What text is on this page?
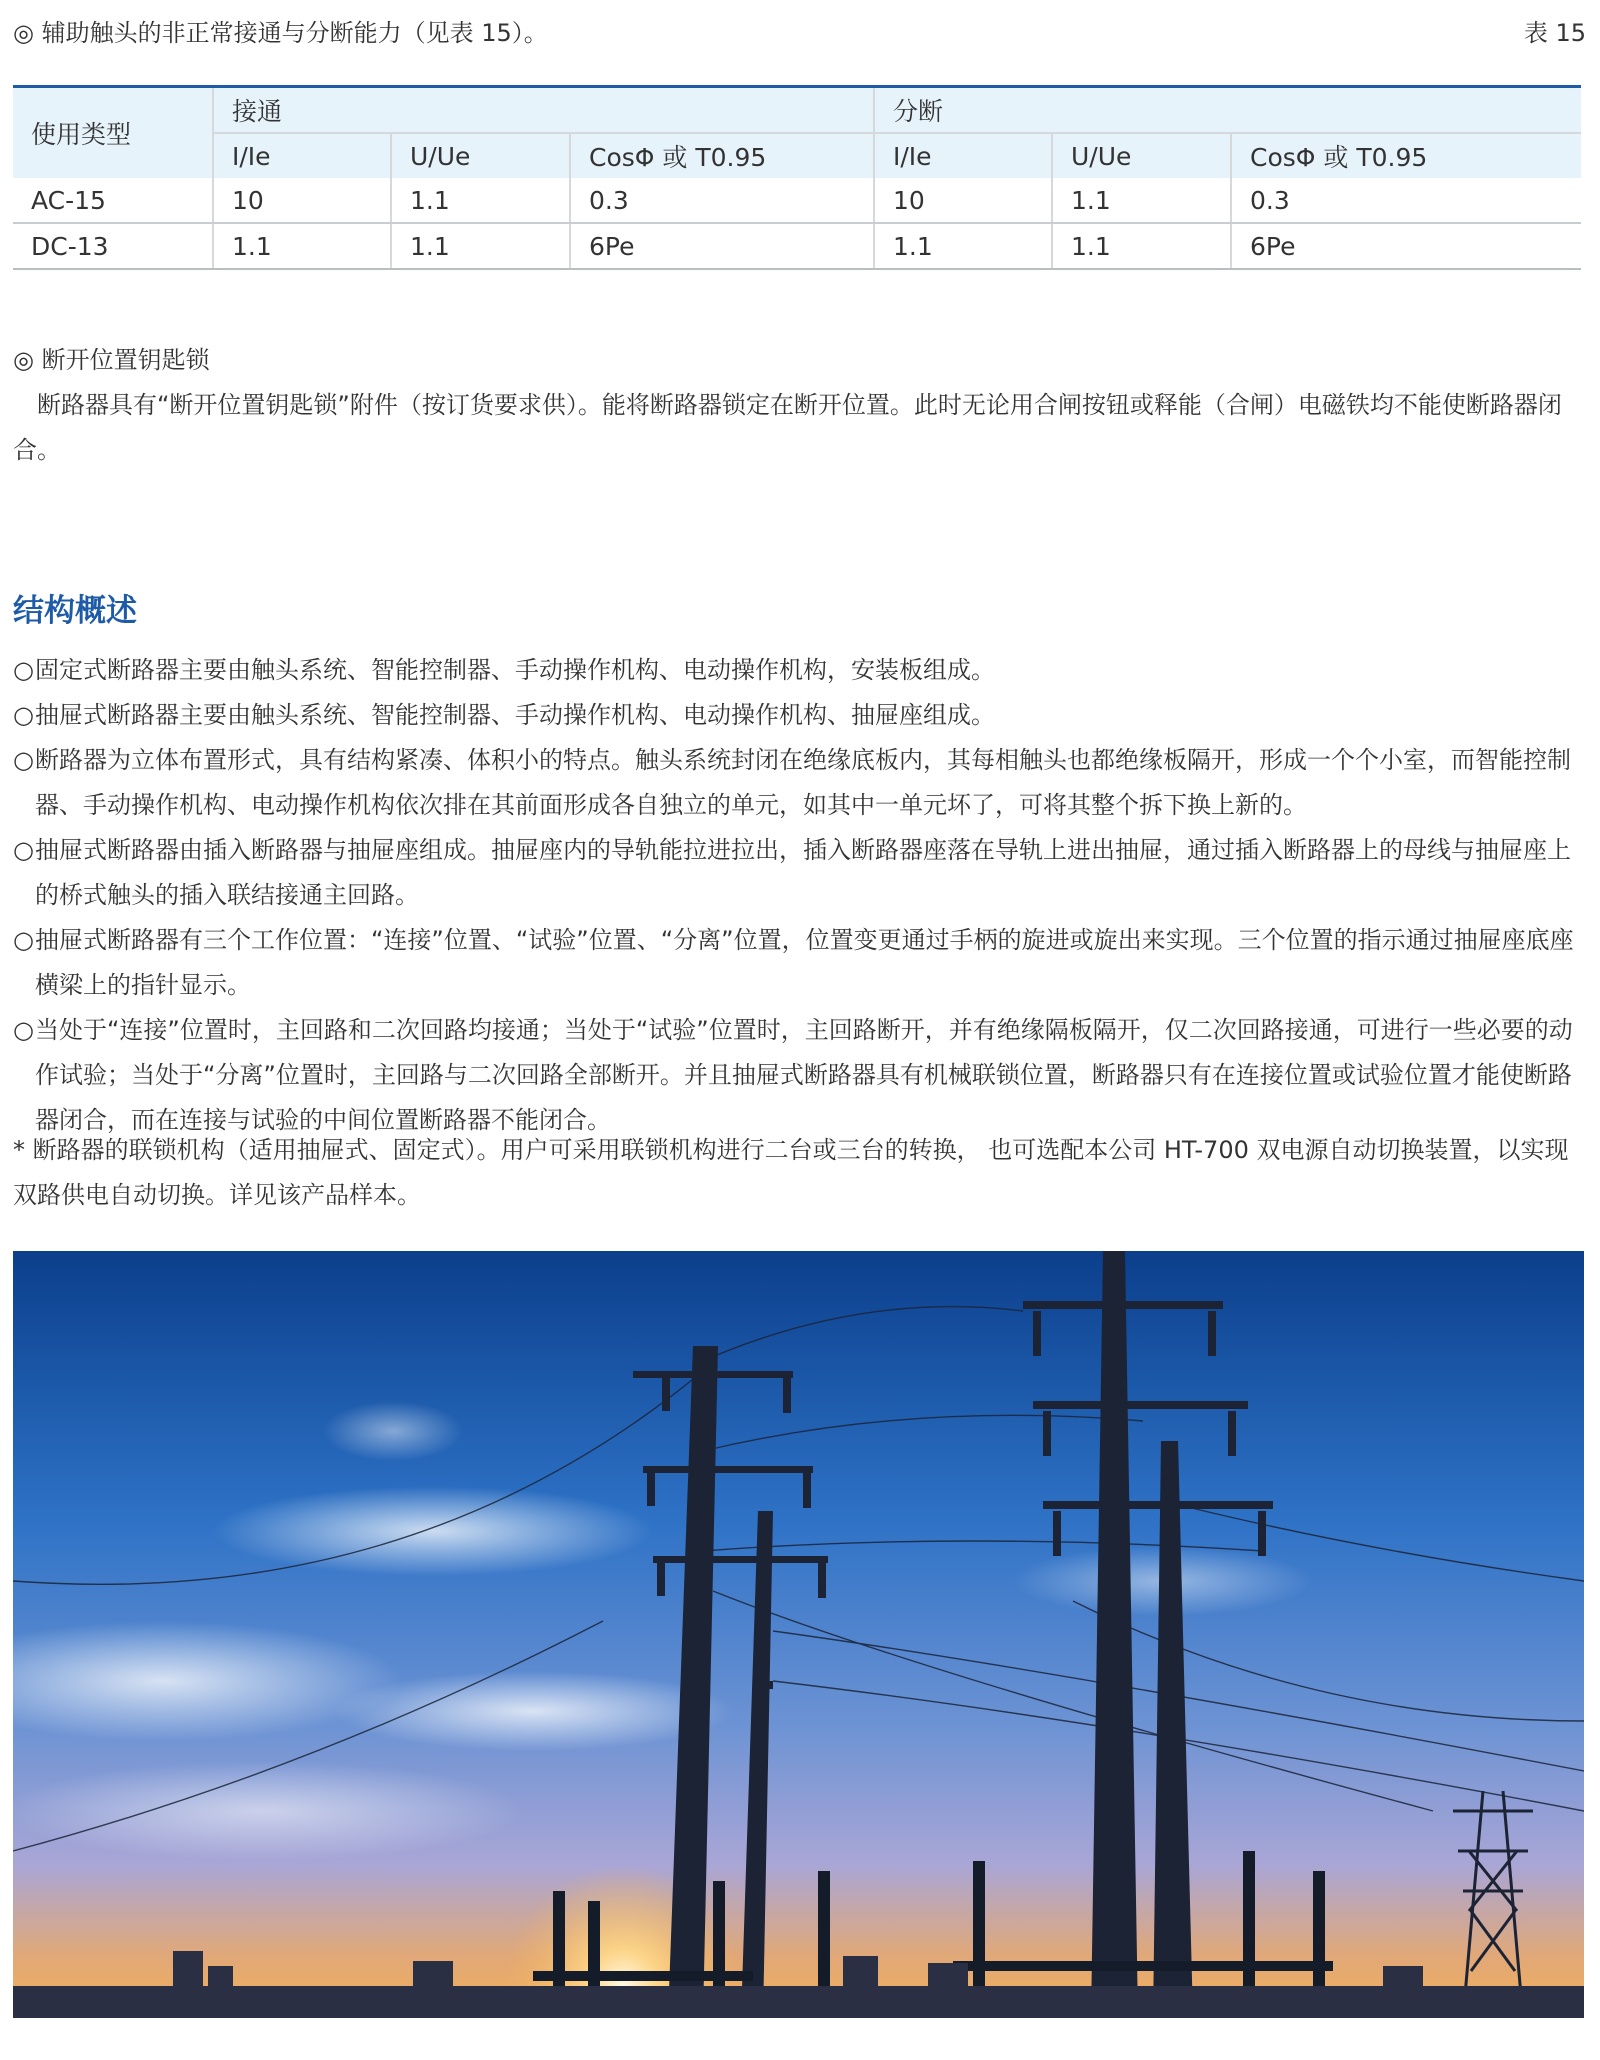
◎ 辅助触头的非正常接通与分断能力（见表 15）。	表 15
使用类型	接通			分断		
	I/Ie	U/Ue	CosΦ 或 T0.95	I/Ie	U/Ue	CosΦ 或 T0.95
AC-15	10	1.1	0.3	10	1.1	0.3
DC-13	1.1	1.1	6Pe	1.1	1.1	6Pe
◎ 断开位置钥匙锁
　断路器具有“断开位置钥匙锁”附件（按订货要求供）。能将断路器锁定在断开位置。此时无论用合闸按钮或释能（合闸）电磁铁均不能使断路器闭合。
结构概述
○ 固定式断路器主要由触头系统、智能控制器、手动操作机构、电动操作机构，安装板组成。
○ 抽屉式断路器主要由触头系统、智能控制器、手动操作机构、电动操作机构、抽屉座组成。
○ 断路器为立体布置形式，具有结构紧凑、体积小的特点。触头系统封闭在绝缘底板内，其每相触头也都绝缘板隔开，形成一个个小室，而智能控制器、手动操作机构、电动操作机构依次排在其前面形成各自独立的单元，如其中一单元坏了，可将其整个拆下换上新的。
○ 抽屉式断路器由插入断路器与抽屉座组成。抽屉座内的导轨能拉进拉出，插入断路器座落在导轨上进出抽屉，通过插入断路器上的母线与抽屉座上的桥式触头的插入联结接通主回路。
○ 抽屉式断路器有三个工作位置：“连接”位置、“试验”位置、“分离”位置，位置变更通过手柄的旋进或旋出来实现。三个位置的指示通过抽屉座底座横梁上的指针显示。
○ 当处于“连接”位置时，主回路和二次回路均接通；当处于“试验”位置时，主回路断开，并有绝缘隔板隔开，仅二次回路接通，可进行一些必要的动作试验；当处于“分离”位置时，主回路与二次回路全部断开。并且抽屉式断路器具有机械联锁位置，断路器只有在连接位置或试验位置才能使断路器闭合，而在连接与试验的中间位置断路器不能闭合。
* 断路器的联锁机构（适用抽屉式、固定式）。用户可采用联锁机构进行二台或三台的转换， 也可选配本公司 HT-700 双电源自动切换装置，以实现双路供电自动切换。详见该产品样本。
